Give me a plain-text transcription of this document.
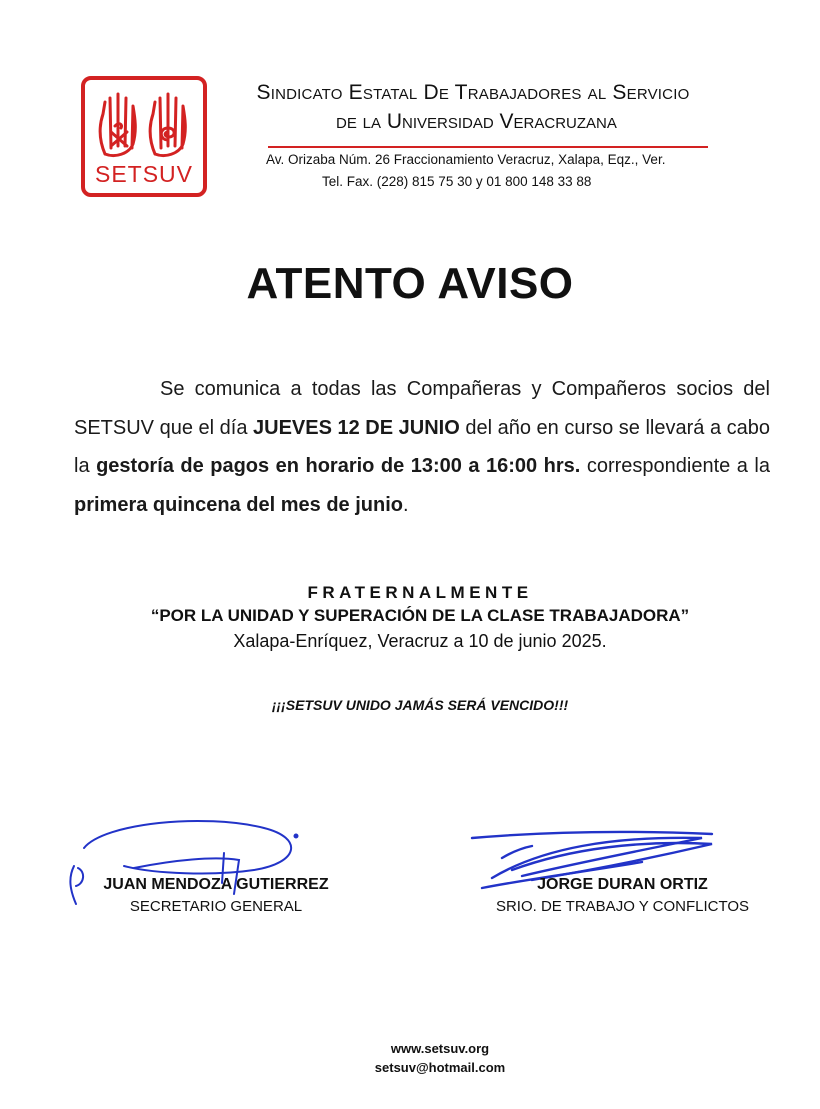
SETSUV
Sindicato Estatal De Trabajadores al Servicio
de la Universidad Veracruzana
Av. Orizaba Núm. 26 Fraccionamiento Veracruz, Xalapa, Eqz., Ver.
Tel. Fax. (228) 815 75 30 y 01 800 148 33 88
ATENTO AVISO
Se comunica a todas las Compañeras y Compañeros socios del SETSUV que el día JUEVES 12 DE JUNIO del año en curso se llevará a cabo la gestoría de pagos en horario de 13:00 a 16:00 hrs. correspondiente a la primera quincena del mes de junio.
FRATERNALMENTE
“POR LA UNIDAD Y SUPERACIÓN DE LA CLASE TRABAJADORA”
Xalapa-Enríquez, Veracruz a 10 de junio 2025.
¡¡¡SETSUV UNIDO JAMÁS SERÁ VENCIDO!!!
JUAN MENDOZA GUTIERREZ
SECRETARIO GENERAL
JORGE DURAN ORTIZ
SRIO. DE TRABAJO Y CONFLICTOS
www.setsuv.org
setsuv@hotmail.com
